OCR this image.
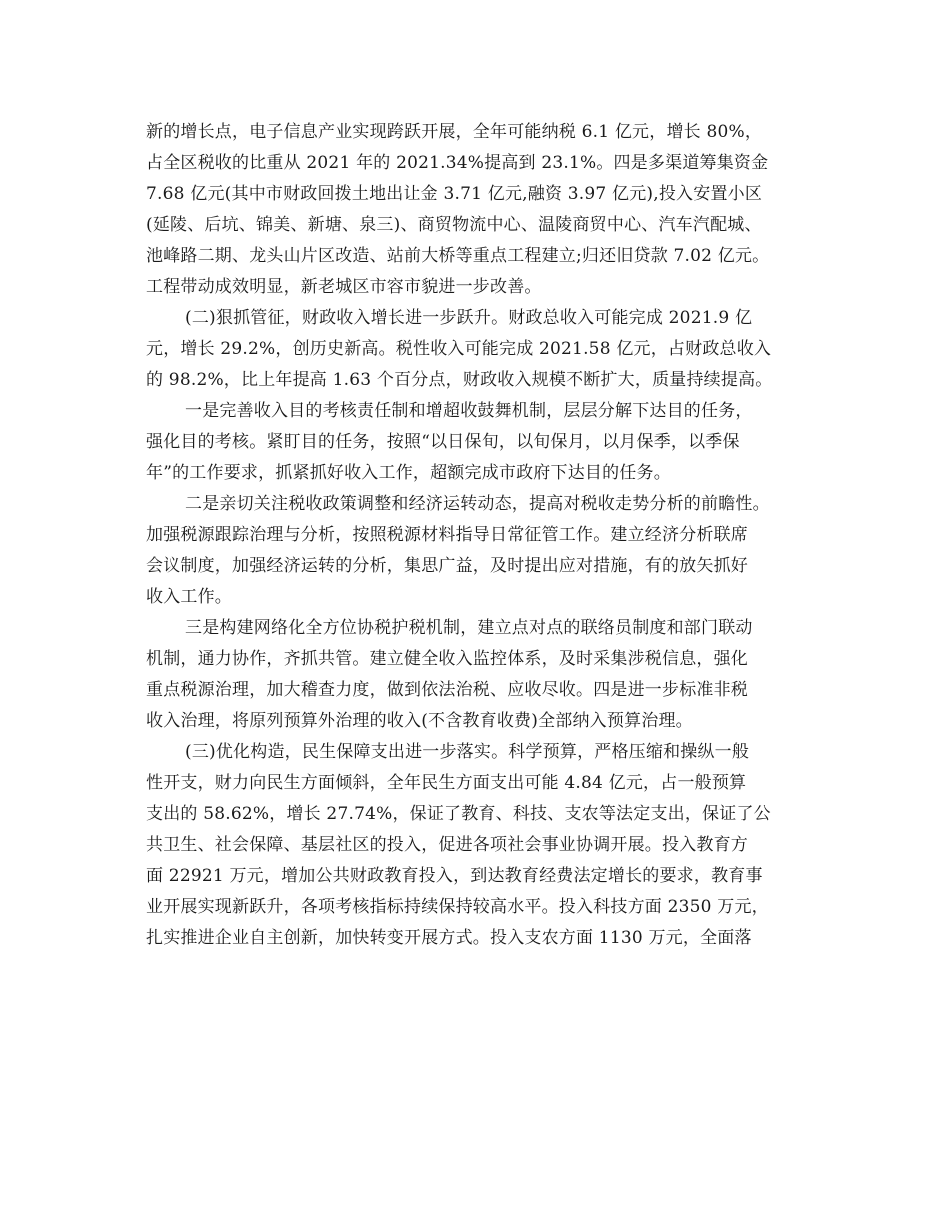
新的增长点，电子信息产业实现跨跃开展，全年可能纳税 6.1 亿元，增长 80%，
占全区税收的比重从 2021 年的 2021.34%提高到 23.1%。四是多渠道筹集资金
7.68 亿元(其中市财政回拨土地出让金 3.71 亿元,融资 3.97 亿元),投入安置小区
(延陵、后坑、锦美、新塘、泉三)、商贸物流中心、温陵商贸中心、汽车汽配城、
池峰路二期、龙头山片区改造、站前大桥等重点工程建立;归还旧贷款 7.02 亿元。
工程带动成效明显，新老城区市容市貌进一步改善。
(二)狠抓管征，财政收入增长进一步跃升。财政总收入可能完成 2021.9 亿
元，增长 29.2%，创历史新高。税性收入可能完成 2021.58 亿元，占财政总收入
的 98.2%，比上年提高 1.63 个百分点，财政收入规模不断扩大，质量持续提高。
一是完善收入目的考核责任制和增超收鼓舞机制，层层分解下达目的任务，
强化目的考核。紧盯目的任务，按照“以日保旬，以旬保月，以月保季，以季保
年”的工作要求，抓紧抓好收入工作，超额完成市政府下达目的任务。
二是亲切关注税收政策调整和经济运转动态，提高对税收走势分析的前瞻性。
加强税源跟踪治理与分析，按照税源材料指导日常征管工作。建立经济分析联席
会议制度，加强经济运转的分析，集思广益，及时提出应对措施，有的放矢抓好
收入工作。
三是构建网络化全方位协税护税机制，建立点对点的联络员制度和部门联动
机制，通力协作，齐抓共管。建立健全收入监控体系，及时采集涉税信息，强化
重点税源治理，加大稽查力度，做到依法治税、应收尽收。四是进一步标准非税
收入治理，将原列预算外治理的收入(不含教育收费)全部纳入预算治理。
(三)优化构造，民生保障支出进一步落实。科学预算，严格压缩和操纵一般
性开支，财力向民生方面倾斜，全年民生方面支出可能 4.84 亿元，占一般预算
支出的 58.62%，增长 27.74%，保证了教育、科技、支农等法定支出，保证了公
共卫生、社会保障、基层社区的投入，促进各项社会事业协调开展。投入教育方
面 22921 万元，增加公共财政教育投入，到达教育经费法定增长的要求，教育事
业开展实现新跃升，各项考核指标持续保持较高水平。投入科技方面 2350 万元，
扎实推进企业自主创新，加快转变开展方式。投入支农方面 1130 万元，全面落
